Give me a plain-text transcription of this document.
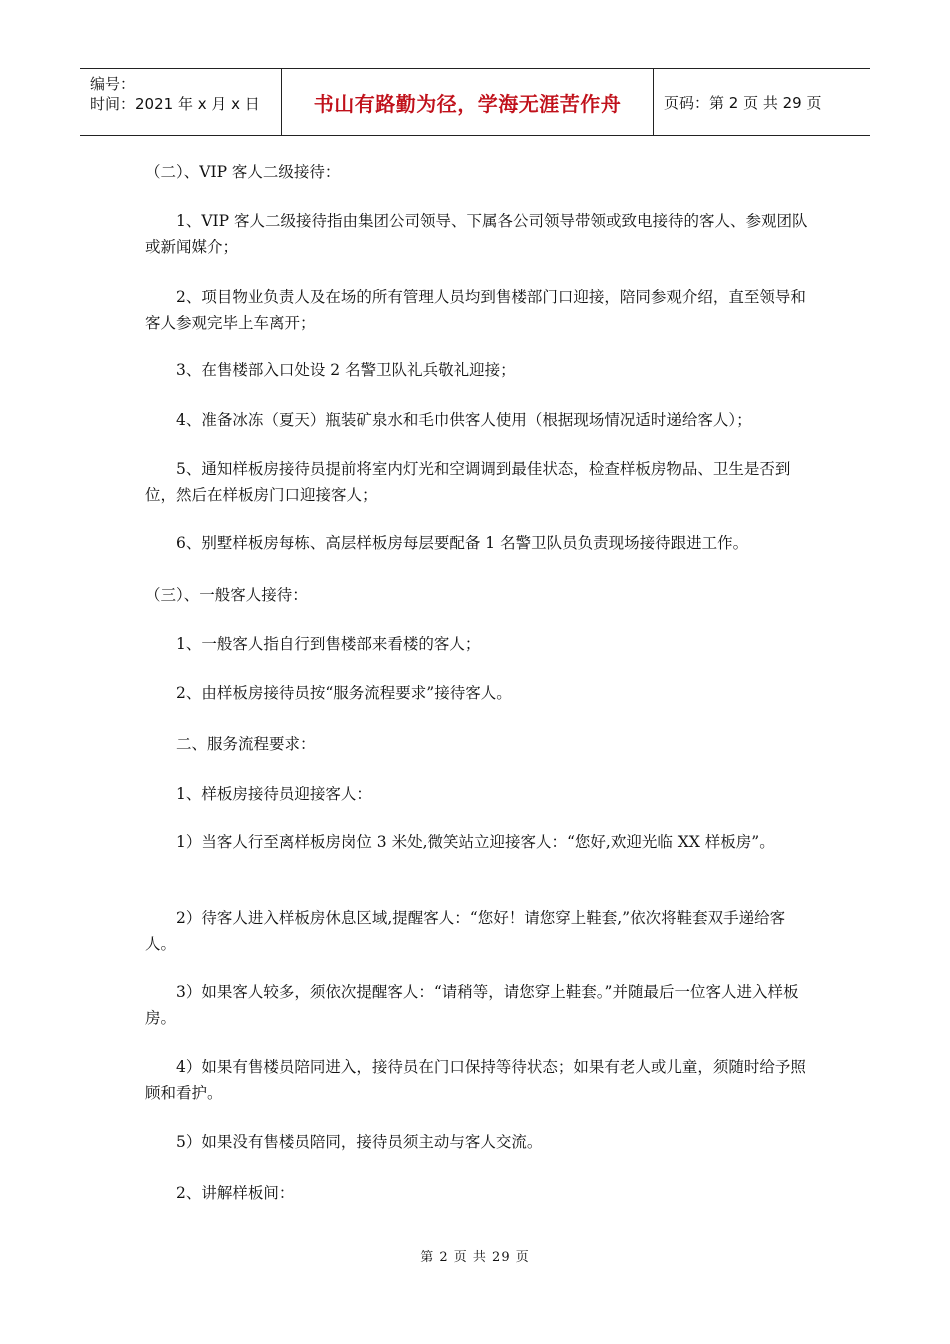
编号：
时间：2021 年 x 月 x 日	书山有路勤为径，学海无涯苦作舟	页码：第 2 页 共 29 页
（二）、VIP 客人二级接待：
　　1、VIP 客人二级接待指由集团公司领导、下属各公司领导带领或致电接待的客人、参观团队或新闻媒介；
　　2、项目物业负责人及在场的所有管理人员均到售楼部门口迎接，陪同参观介绍，直至领导和客人参观完毕上车离开；
　　3、在售楼部入口处设 2 名警卫队礼兵敬礼迎接；
　　4、准备冰冻（夏天）瓶装矿泉水和毛巾供客人使用（根据现场情况适时递给客人）；
　　5、通知样板房接待员提前将室内灯光和空调调到最佳状态，检查样板房物品、卫生是否到位，然后在样板房门口迎接客人；
　　6、别墅样板房每栋、高层样板房每层要配备 1 名警卫队员负责现场接待跟进工作。
（三）、一般客人接待：
　　1、一般客人指自行到售楼部来看楼的客人；
　　2、由样板房接待员按“服务流程要求”接待客人。
　　二、服务流程要求：
　　1、样板房接待员迎接客人：
　　1）当客人行至离样板房岗位 3 米处,微笑站立迎接客人：“您好,欢迎光临 XX 样板房”。
　　2）待客人进入样板房休息区域,提醒客人：“您好！请您穿上鞋套,”依次将鞋套双手递给客人。
　　3）如果客人较多，须依次提醒客人：“请稍等，请您穿上鞋套。”并随最后一位客人进入样板房。
　　4）如果有售楼员陪同进入，接待员在门口保持等待状态；如果有老人或儿童，须随时给予照顾和看护。
　　5）如果没有售楼员陪同，接待员须主动与客人交流。
　　2、讲解样板间：
第 2 页 共 29 页
